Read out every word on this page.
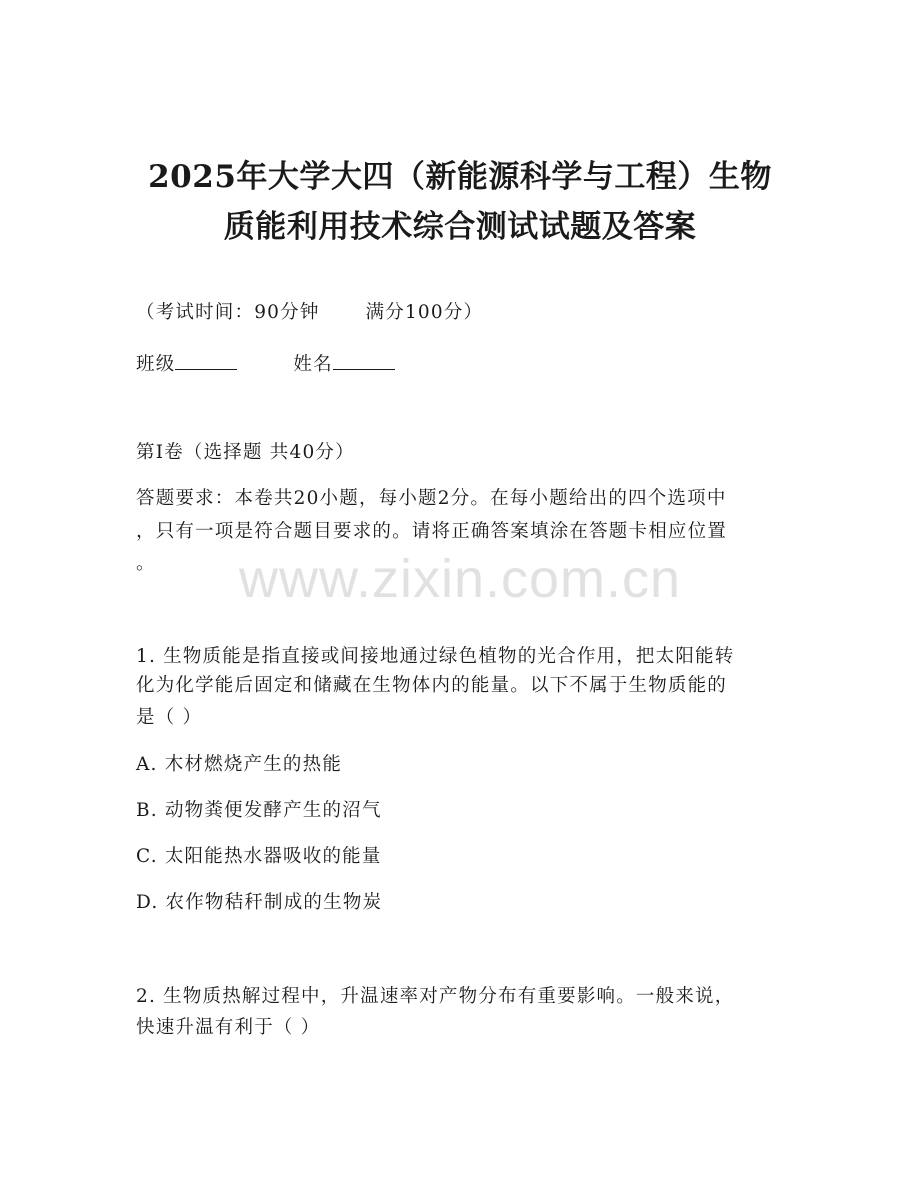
2025年大学大四（新能源科学与工程）生物
质能利用技术综合测试试题及答案
（考试时间：90分钟 满分100分）
班级	姓名
第I卷（选择题 共40分）
答题要求：本卷共20小题，每小题2分。在每小题给出的四个选项中
，只有一项是符合题目要求的。请将正确答案填涂在答题卡相应位置
。	www.zixin.com.cn
1. 生物质能是指直接或间接地通过绿色植物的光合作用，把太阳能转
化为化学能后固定和储藏在生物体内的能量。以下不属于生物质能的
是（ ）
A. 木材燃烧产生的热能
B. 动物粪便发酵产生的沼气
C. 太阳能热水器吸收的能量
D. 农作物秸秆制成的生物炭
2. 生物质热解过程中，升温速率对产物分布有重要影响。一般来说，
快速升温有利于（ ）
